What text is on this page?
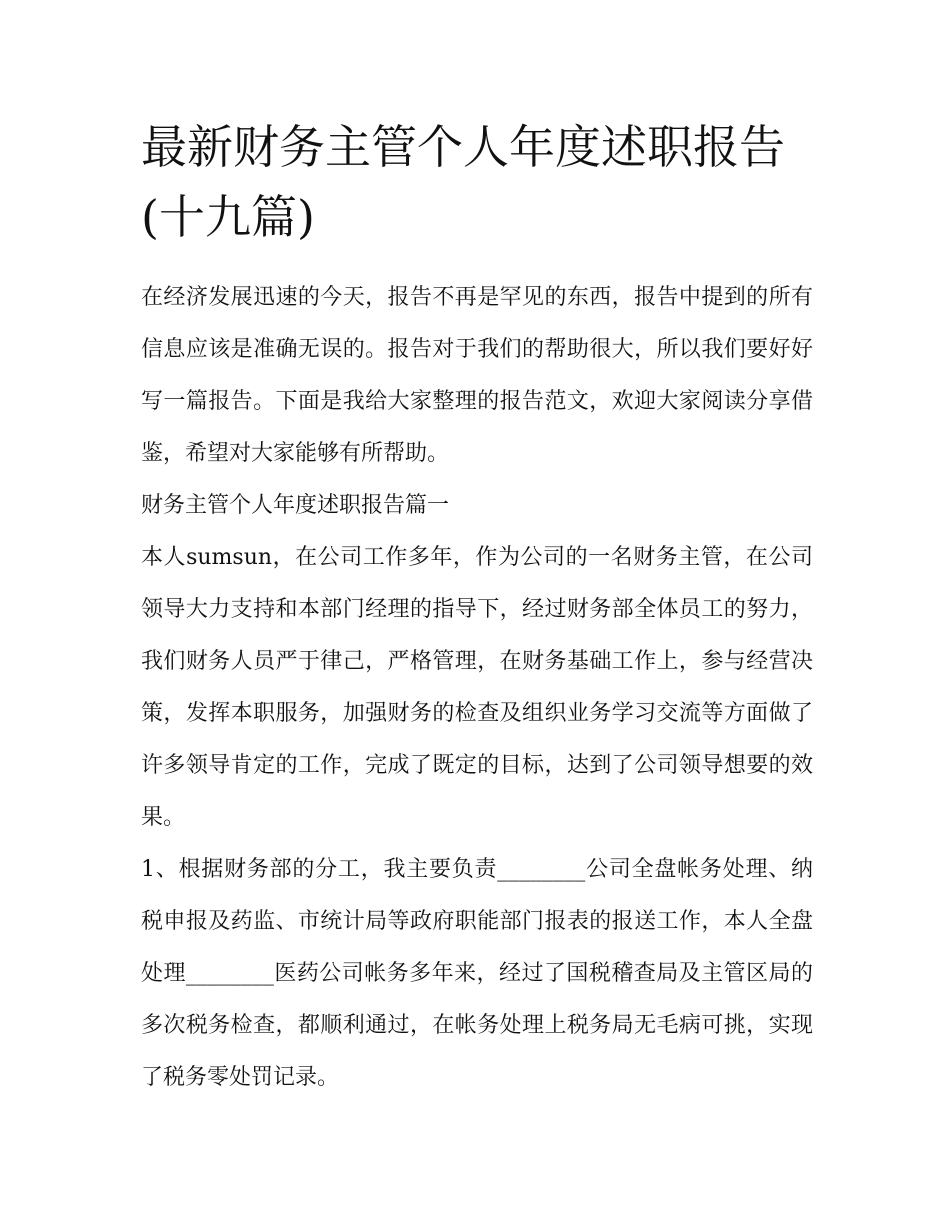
最新财务主管个人年度述职报告(十九篇)

在经济发展迅速的今天，报告不再是罕见的东西，报告中提到的所有信息应该是准确无误的。报告对于我们的帮助很大，所以我们要好好写一篇报告。下面是我给大家整理的报告范文，欢迎大家阅读分享借鉴，希望对大家能够有所帮助。

财务主管个人年度述职报告篇一

本人sumsun，在公司工作多年，作为公司的一名财务主管，在公司领导大力支持和本部门经理的指导下，经过财务部全体员工的努力，我们财务人员严于律己，严格管理，在财务基础工作上，参与经营决策，发挥本职服务，加强财务的检查及组织业务学习交流等方面做了许多领导肯定的工作，完成了既定的目标，达到了公司领导想要的效果。

1、根据财务部的分工，我主要负责________公司全盘帐务处理、纳税申报及药监、市统计局等政府职能部门报表的报送工作，本人全盘处理________医药公司帐务多年来，经过了国税稽查局及主管区局的多次税务检查，都顺利通过，在帐务处理上税务局无毛病可挑，实现了税务零处罚记录。
